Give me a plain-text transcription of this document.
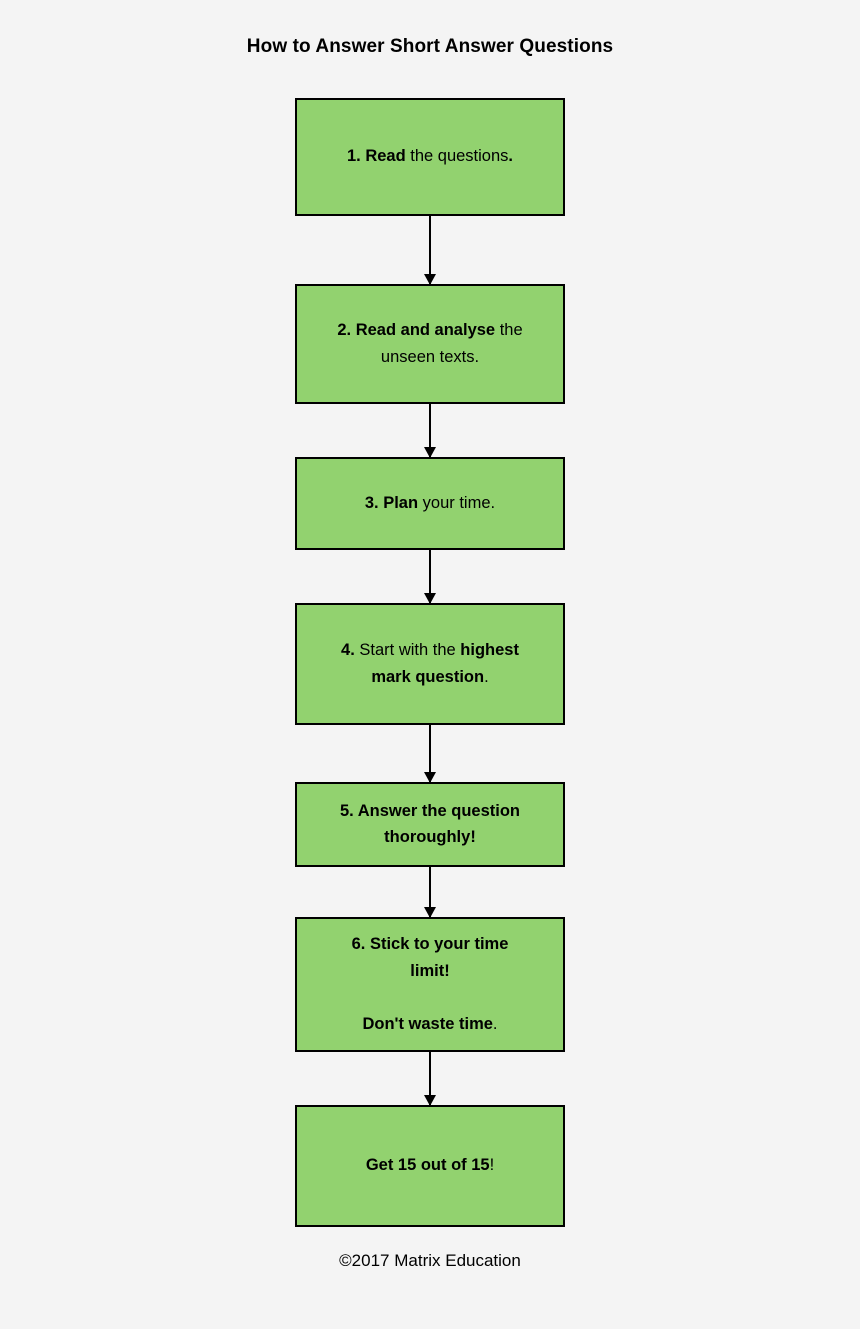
How to Answer Short Answer Questions
1. Read the questions.
2. Read and analyse the
unseen texts.
3. Plan your time.
4. Start with the highest
mark question.
5. Answer the question
thoroughly!
6. Stick to your time
limit!

Don't waste time.
Get 15 out of 15!
©2017 Matrix Education
